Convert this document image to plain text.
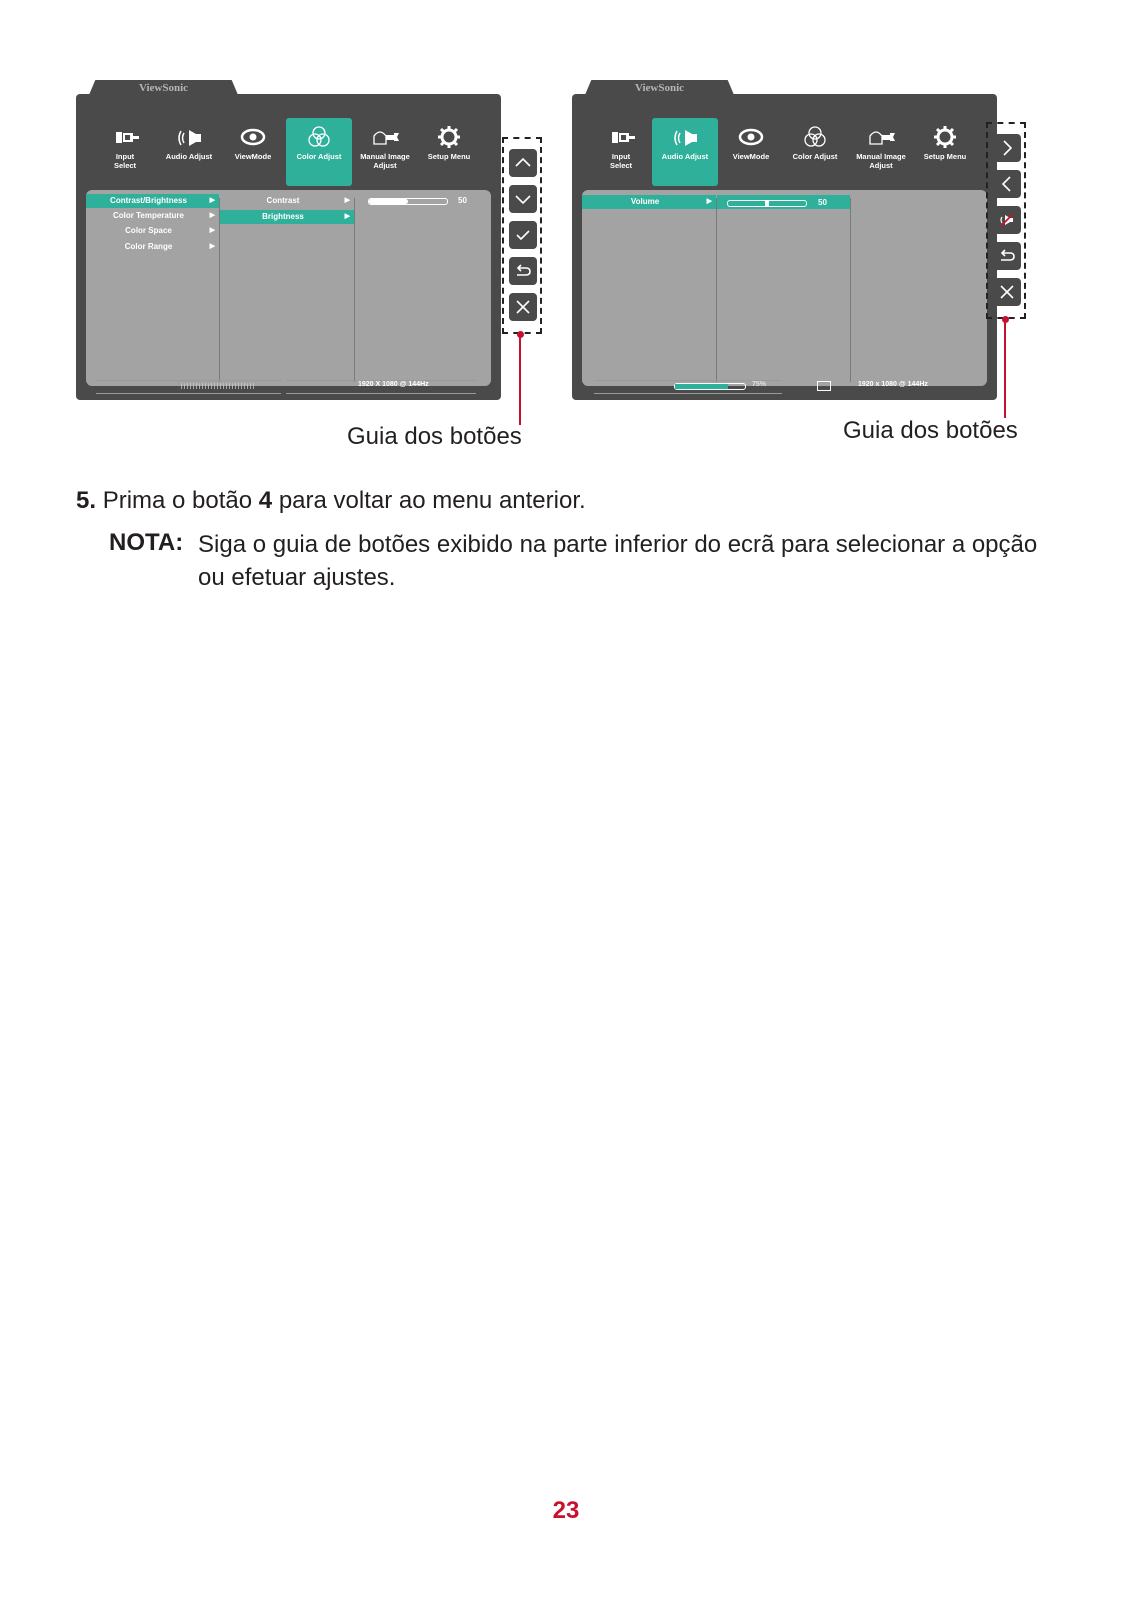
ViewSonic
Input
Select
Audio Adjust	ViewMode	Color Adjust	Manual Image
Adjust
Setup Menu
Contrast/Brightness	▶
Color Temperature	▶
Color Space	▶
Color Range	▶
Contrast	▶
Brightness	▶
50
1920 X 1080 @ 144Hz
Guia dos botões
ViewSonic
Input
Select
Audio Adjust	ViewMode	Color Adjust	Manual Image
Adjust
Setup Menu
Volume	▶	50
75%	1920 x 1080 @ 144Hz
Guia dos botões
5. Prima o botão 4 para voltar ao menu anterior.
NOTA: Siga o guia de botões exibido na parte inferior do ecrã para selecionar a opção ou efetuar ajustes.
23
